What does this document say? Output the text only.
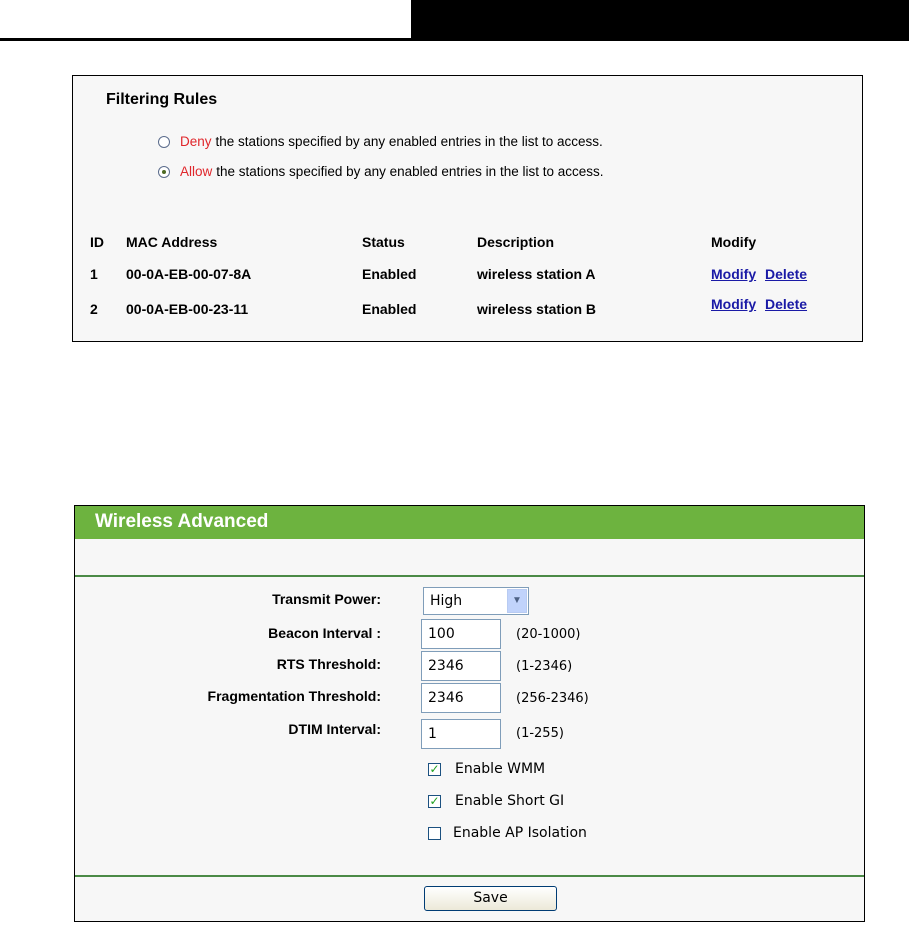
Filtering Rules
Deny the stations specified by any enabled entries in the list to access.
Allow the stations specified by any enabled entries in the list to access.
ID MAC Address	Status	Description	Modify
1 00-0A-EB-00-07-8A	Enabled	wireless station A	Modify Delete
2 00-0A-EB-00-23-11	Enabled	wireless station B	Modify Delete
Wireless Advanced
Transmit Power:	High	▼
Beacon Interval :	100	(20-1000)
RTS Threshold:	2346	(1-2346)
Fragmentation Threshold:	2346	(256-2346)
DTIM Interval:	1	(1-255)
✓ Enable WMM
✓ Enable Short GI
Enable AP Isolation
Save
